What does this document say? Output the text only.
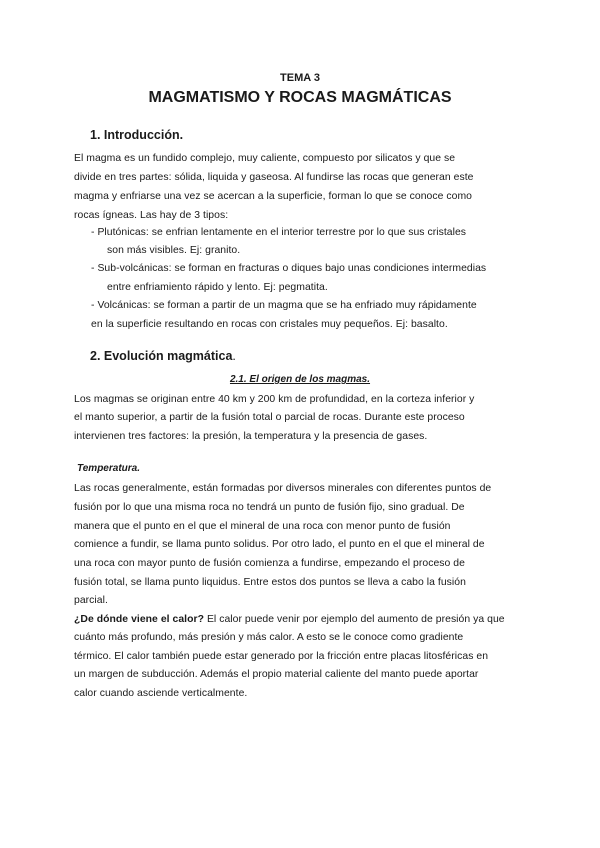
TEMA 3
MAGMATISMO Y ROCAS MAGMÁTICAS
1. Introducción.
El magma es un fundido complejo, muy caliente, compuesto por silicatos y que se
divide en tres partes: sólida, liquida y gaseosa. Al fundirse las rocas que generan este
magma y enfriarse una vez se acercan a la superficie, forman lo que se conoce como
rocas ígneas. Las hay de 3 tipos:
- Plutónicas: se enfrian lentamente en el interior terrestre por lo que sus cristales
son más visibles. Ej: granito.
- Sub-volcánicas: se forman en fracturas o diques bajo unas condiciones intermedias
entre enfriamiento rápido y lento. Ej: pegmatita.
- Volcánicas: se forman a partir de un magma que se ha enfriado muy rápidamente
en la superficie resultando en rocas con cristales muy pequeños. Ej: basalto.
2. Evolución magmática.
2.1. El origen de los magmas.
Los magmas se originan entre 40 km y 200 km de profundidad, en la corteza inferior y
el manto superior, a partir de la fusión total o parcial de rocas. Durante este proceso
intervienen tres factores: la presión, la temperatura y la presencia de gases.
Temperatura.
Las rocas generalmente, están formadas por diversos minerales con diferentes puntos de
fusión por lo que una misma roca no tendrá un punto de fusión fijo, sino gradual. De
manera que el punto en el que el mineral de una roca con menor punto de fusión
comience a fundir, se llama punto solidus. Por otro lado, el punto en el que el mineral de
una roca con mayor punto de fusión comienza a fundirse, empezando el proceso de
fusión total, se llama punto liquidus. Entre estos dos puntos se lleva a cabo la fusión
parcial.
¿De dónde viene el calor? El calor puede venir por ejemplo del aumento de presión ya que
cuánto más profundo, más presión y más calor. A esto se le conoce como gradiente
térmico. El calor también puede estar generado por la fricción entre placas litosféricas en
un margen de subducción. Además el propio material caliente del manto puede aportar
calor cuando asciende verticalmente.
